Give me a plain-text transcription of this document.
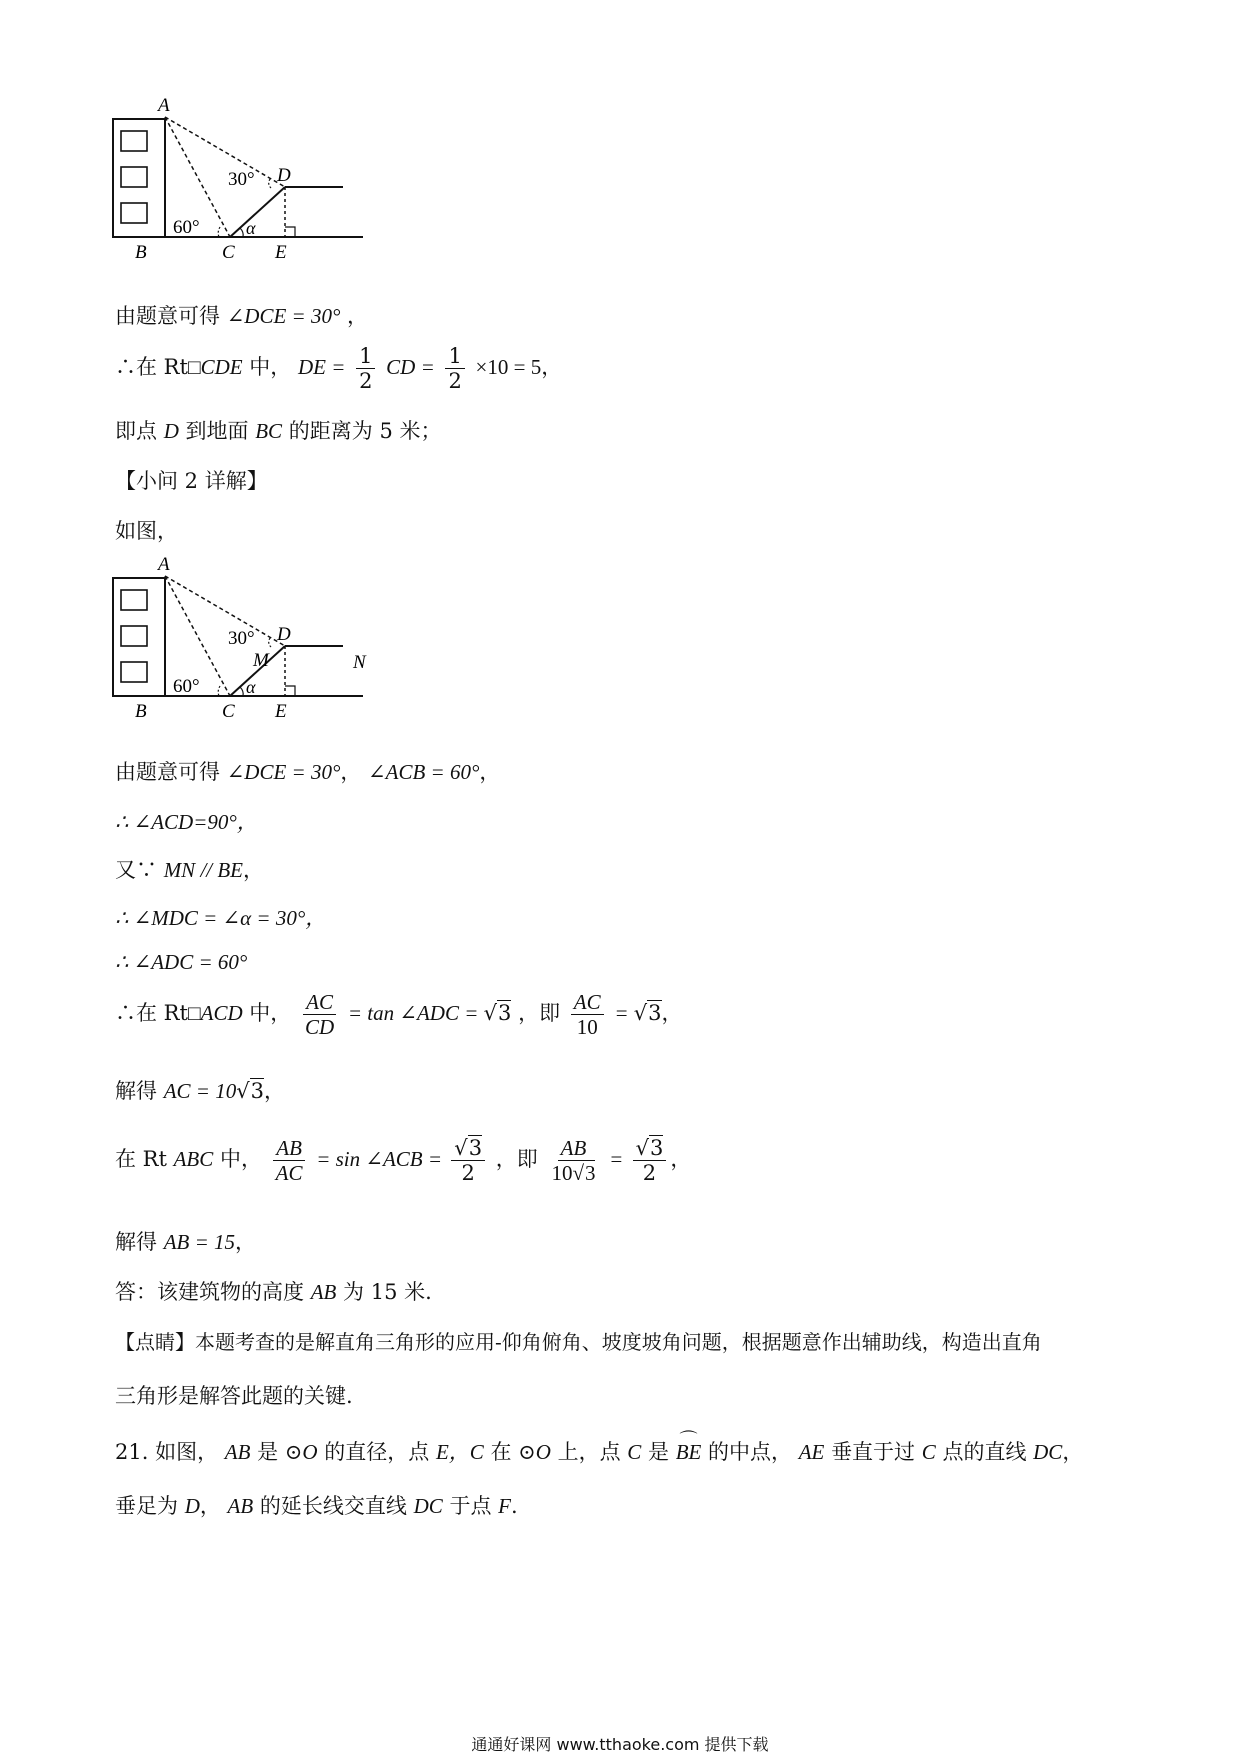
A
B	C
D
E
60°
30°
α
由题意可得 ∠DCE = 30° ，
∴在 Rt□CDE 中， DE = $\frac{1}{2}$ CD = $\frac{1}{2} \times 10 = 5$，
即点 D 到地面 BC 的距离为 5 米；
【小问 2 详解】
如图，
A
B	C
D
E
M	N
60°
30°
α
由题意可得 ∠DCE = 30°， ∠ACB = 60°，
∴ ∠ACD=90°，
又∵ MN // BE，
∴ ∠MDC = ∠α = 30°，
∴ ∠ADC = 60°
∴在 Rt□ACD 中， $\frac{AC}{CD} = \tan$ ∠ADC = √3 ，即 $\frac{AC}{10} = √3$，
解得 AC = 10√3，
在 Rt ABC 中， $\frac{AB}{AC} = \sin$ ∠ACB = $\frac{√3}{2}$ ，即 $\frac{AB}{10√3} = \frac{√3}{2}$ ，
解得 AB = 15，
答：该建筑物的高度 AB 为 15 米.
【点睛】本题考查的是解直角三角形的应用-仰角俯角、坡度坡角问题，根据题意作出辅助线，构造出直角
三角形是解答此题的关键.
21. 如图， AB 是 ⊙O 的直径，点 E，C 在 ⊙O 上，点 C 是 ⌒ BE 的中点， AE 垂直于过 C 点的直线 DC，
垂足为 D， AB 的延长线交直线 DC 于点 F.
通通好课网 www.tthaoke.com 提供下载
